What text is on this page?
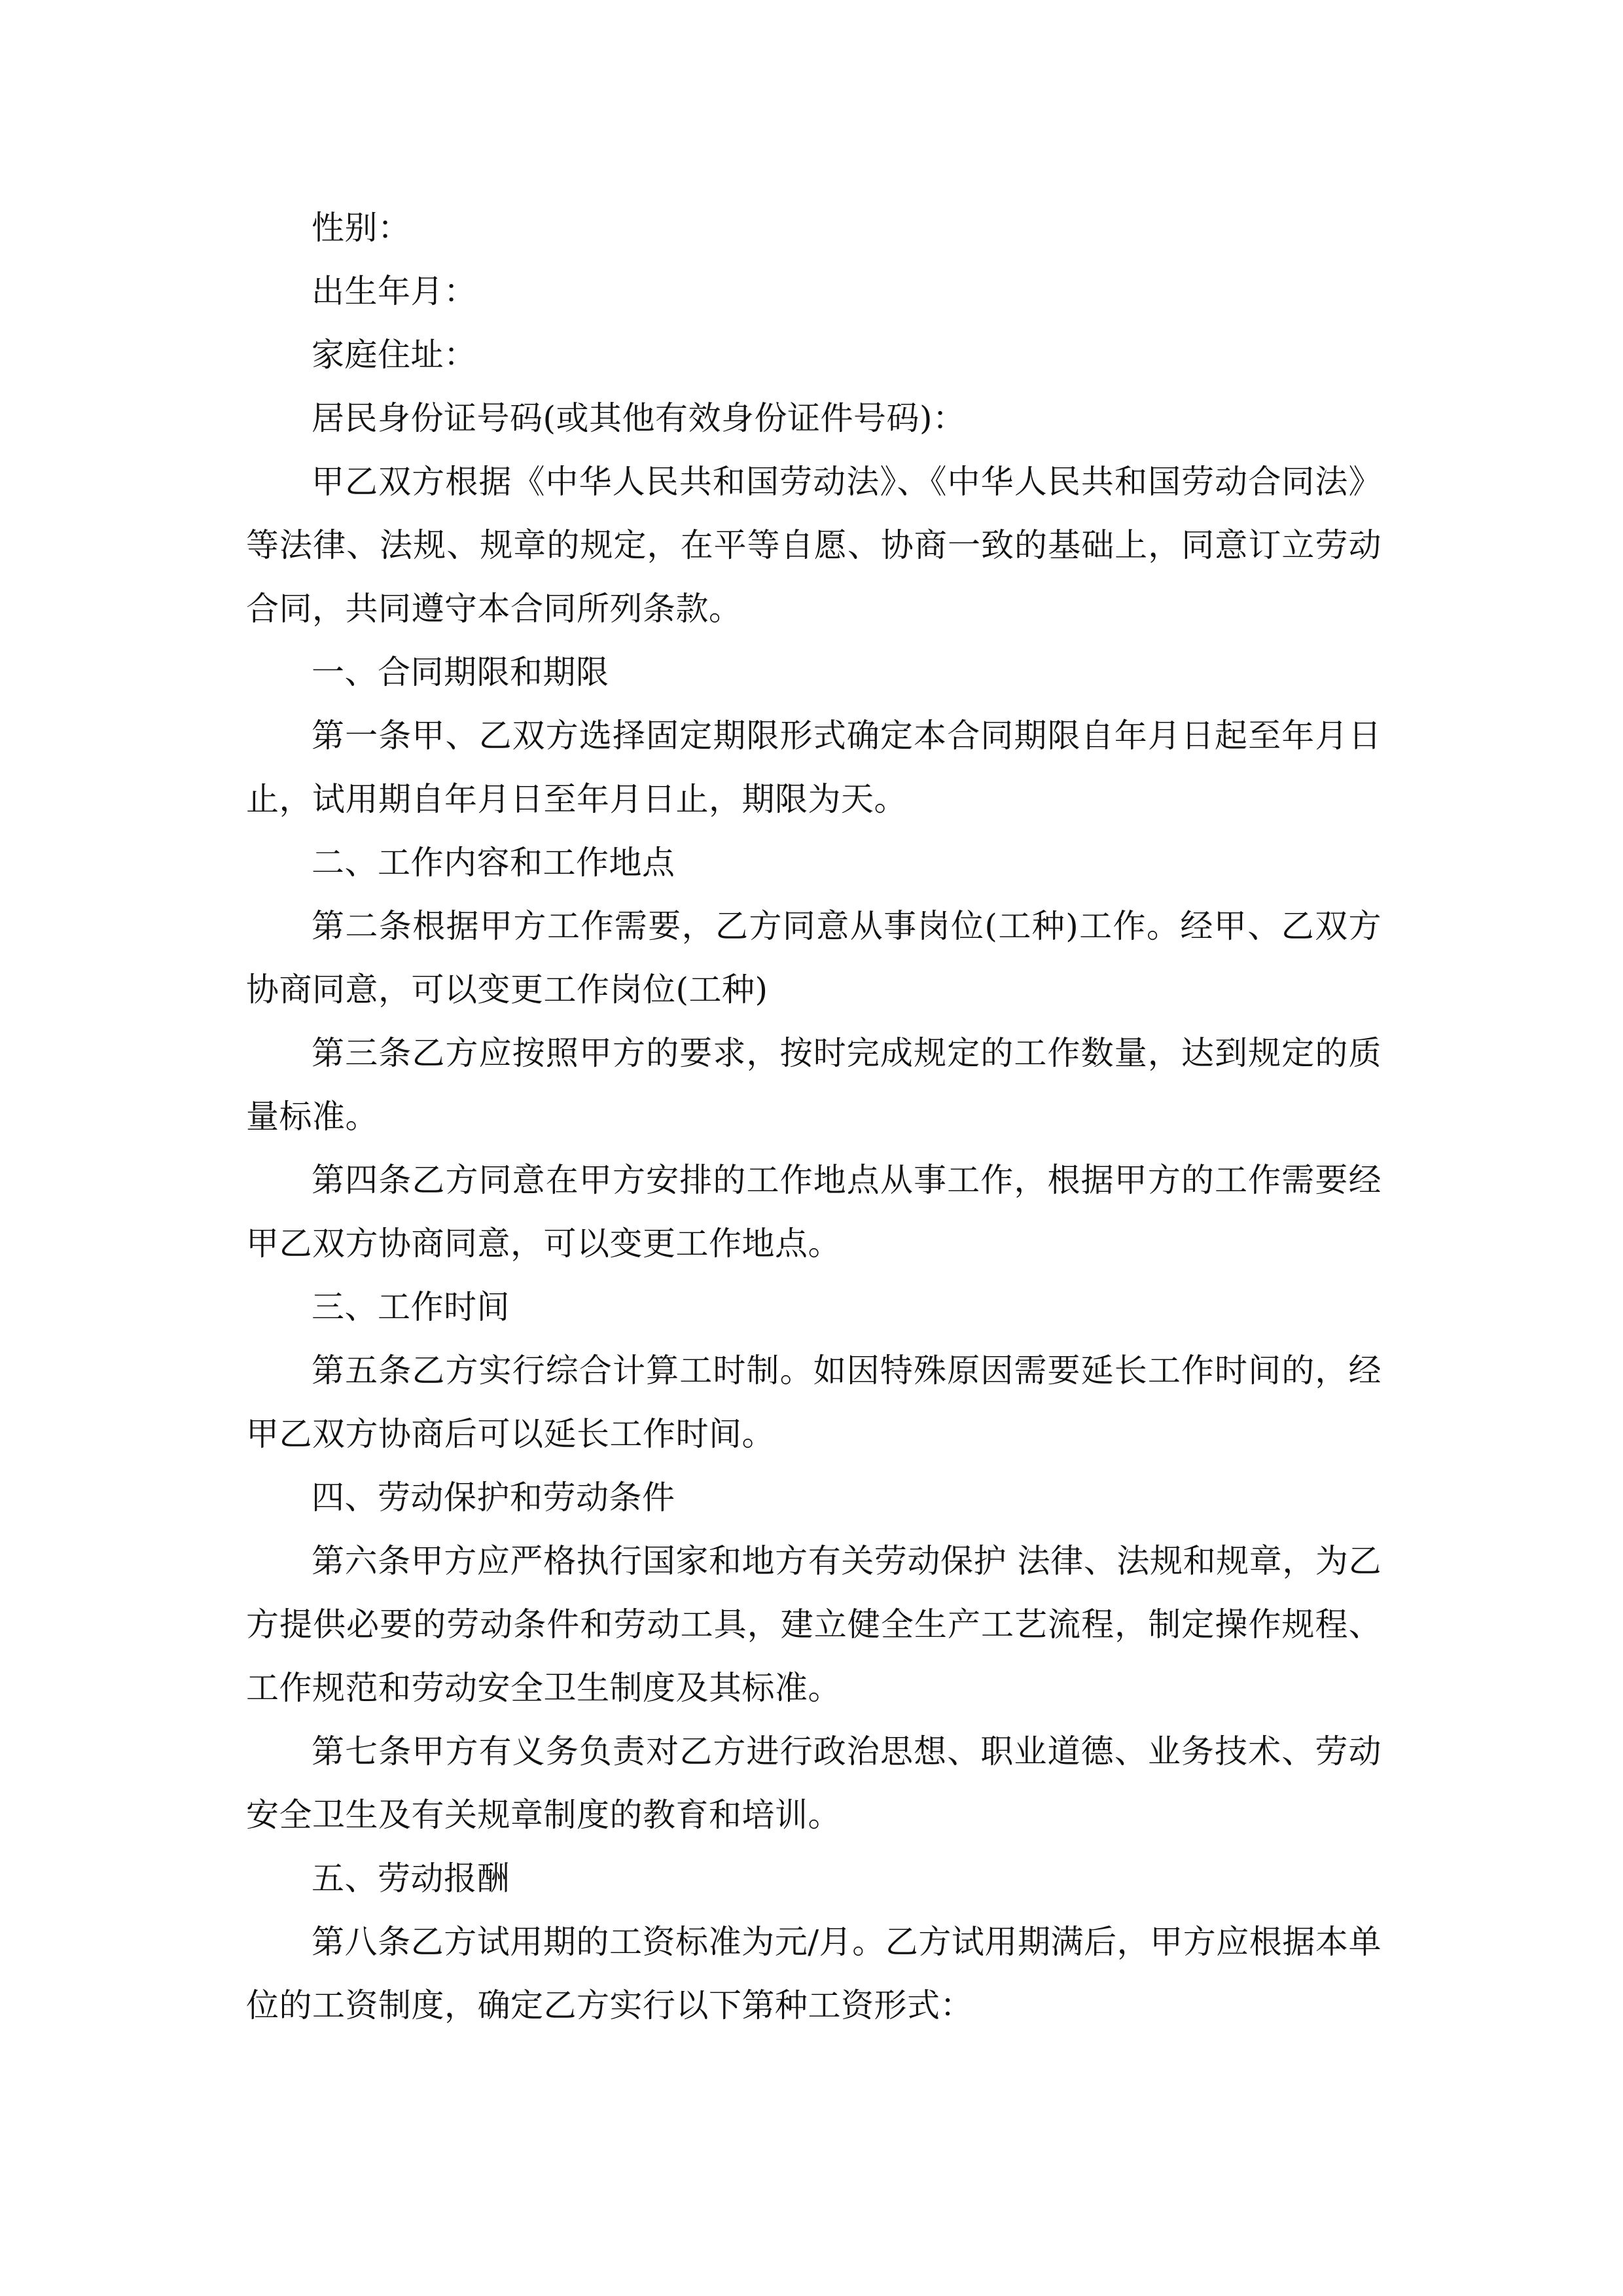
性别：

出生年月：

家庭住址：

居民身份证号码(或其他有效身份证件号码)：

甲乙双方根据《中华人民共和国劳动法》、《中华人民共和国劳动合同法》等法律、法规、规章的规定，在平等自愿、协商一致的基础上，同意订立劳动合同，共同遵守本合同所列条款。

一、合同期限和期限

第一条甲、乙双方选择固定期限形式确定本合同期限自年月日起至年月日止，试用期自年月日至年月日止，期限为天。

二、工作内容和工作地点

第二条根据甲方工作需要，乙方同意从事岗位(工种)工作。经甲、乙双方协商同意，可以变更工作岗位(工种)

第三条乙方应按照甲方的要求，按时完成规定的工作数量，达到规定的质量标准。

第四条乙方同意在甲方安排的工作地点从事工作，根据甲方的工作需要经甲乙双方协商同意，可以变更工作地点。

三、工作时间

第五条乙方实行综合计算工时制。如因特殊原因需要延长工作时间的，经甲乙双方协商后可以延长工作时间。

四、劳动保护和劳动条件

第六条甲方应严格执行国家和地方有关劳动保护 法律、法规和规章，为乙方提供必要的劳动条件和劳动工具，建立健全生产工艺流程，制定操作规程、工作规范和劳动安全卫生制度及其标准。

第七条甲方有义务负责对乙方进行政治思想、职业道德、业务技术、劳动安全卫生及有关规章制度的教育和培训。

五、劳动报酬

第八条乙方试用期的工资标准为元/月。乙方试用期满后，甲方应根据本单位的工资制度，确定乙方实行以下第种工资形式：
